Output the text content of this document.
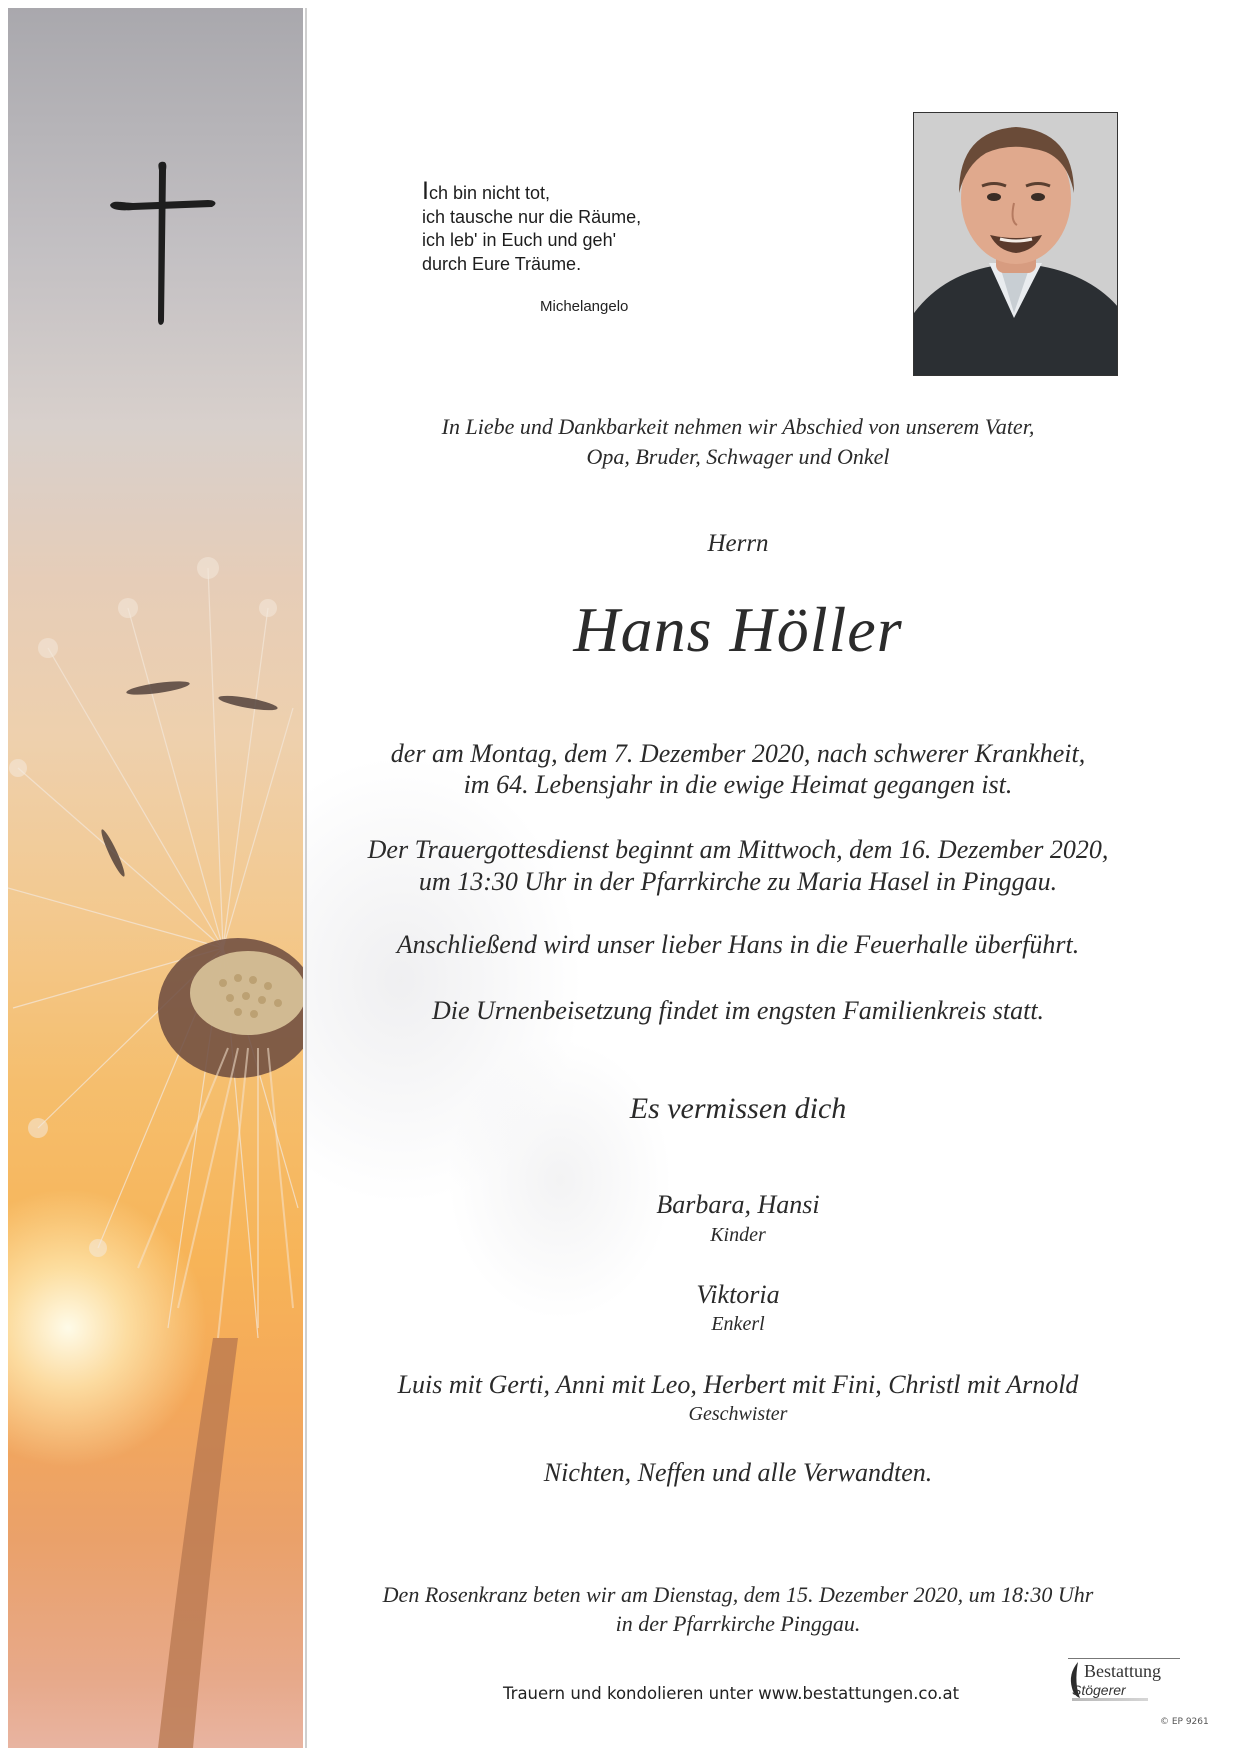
Ich bin nicht tot,
ich tausche nur die Räume,
ich leb' in Euch und geh'
durch Eure Träume.
Michelangelo
In Liebe und Dankbarkeit nehmen wir Abschied von unserem Vater,
Opa, Bruder, Schwager und Onkel
Herrn
Hans Höller
der am Montag, dem 7. Dezember 2020, nach schwerer Krankheit,
im 64. Lebensjahr in die ewige Heimat gegangen ist.
Der Trauergottesdienst beginnt am Mittwoch, dem 16. Dezember 2020,
um 13:30 Uhr in der Pfarrkirche zu Maria Hasel in Pinggau.
Anschließend wird unser lieber Hans in die Feuerhalle überführt.
Die Urnenbeisetzung findet im engsten Familienkreis statt.
Es vermissen dich
Barbara, Hansi
Kinder
Viktoria
Enkerl
Luis mit Gerti, Anni mit Leo, Herbert mit Fini, Christl mit Arnold
Geschwister
Nichten, Neffen und alle Verwandten.
Den Rosenkranz beten wir am Dienstag, dem 15. Dezember 2020, um 18:30 Uhr
in der Pfarrkirche Pinggau.
Trauern und kondolieren unter www.bestattungen.co.at
Bestattung
Stögerer
© EP 9261
